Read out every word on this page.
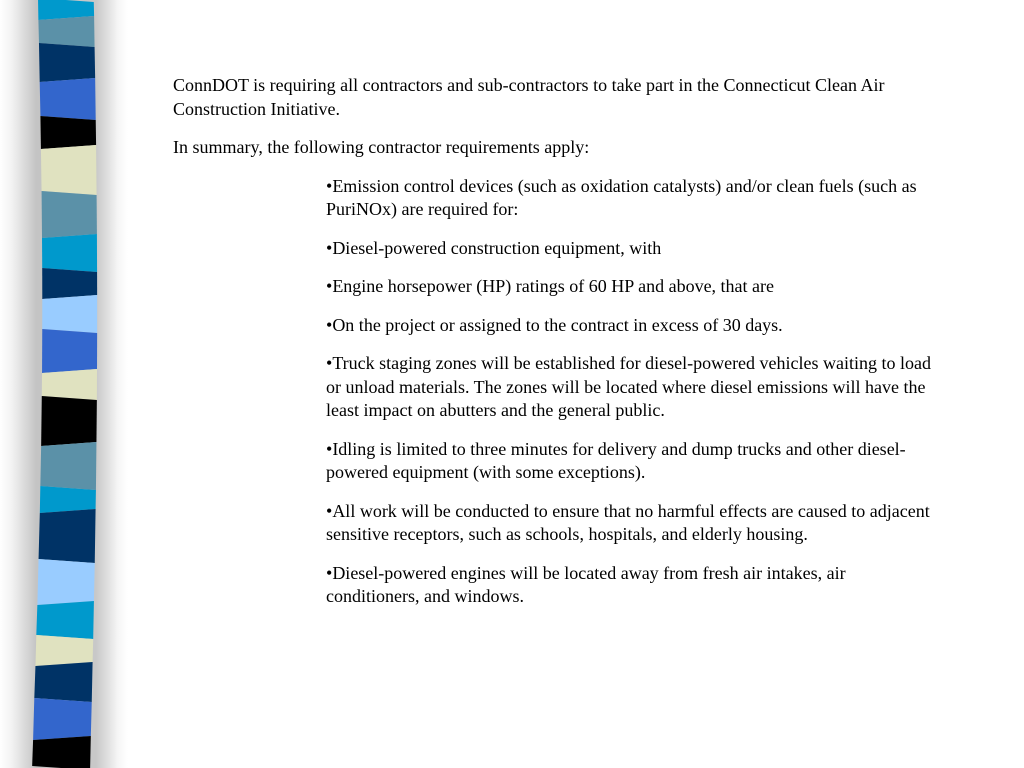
ConnDOT is requiring all contractors and sub-contractors to take part in the Connecticut Clean Air Construction Initiative.

In summary, the following contractor requirements apply:

•Emission control devices (such as oxidation catalysts) and/or clean fuels (such as PuriNOx) are required for:
•Diesel-powered construction equipment, with
•Engine horsepower (HP) ratings of 60 HP and above, that are
•On the project or assigned to the contract in excess of 30 days.
•Truck staging zones will be established for diesel-powered vehicles waiting to load or unload materials. The zones will be located where diesel emissions will have the least impact on abutters and the general public.
•Idling is limited to three minutes for delivery and dump trucks and other diesel-powered equipment (with some exceptions).
•All work will be conducted to ensure that no harmful effects are caused to adjacent sensitive receptors, such as schools, hospitals, and elderly housing.
•Diesel-powered engines will be located away from fresh air intakes, air conditioners, and windows.
